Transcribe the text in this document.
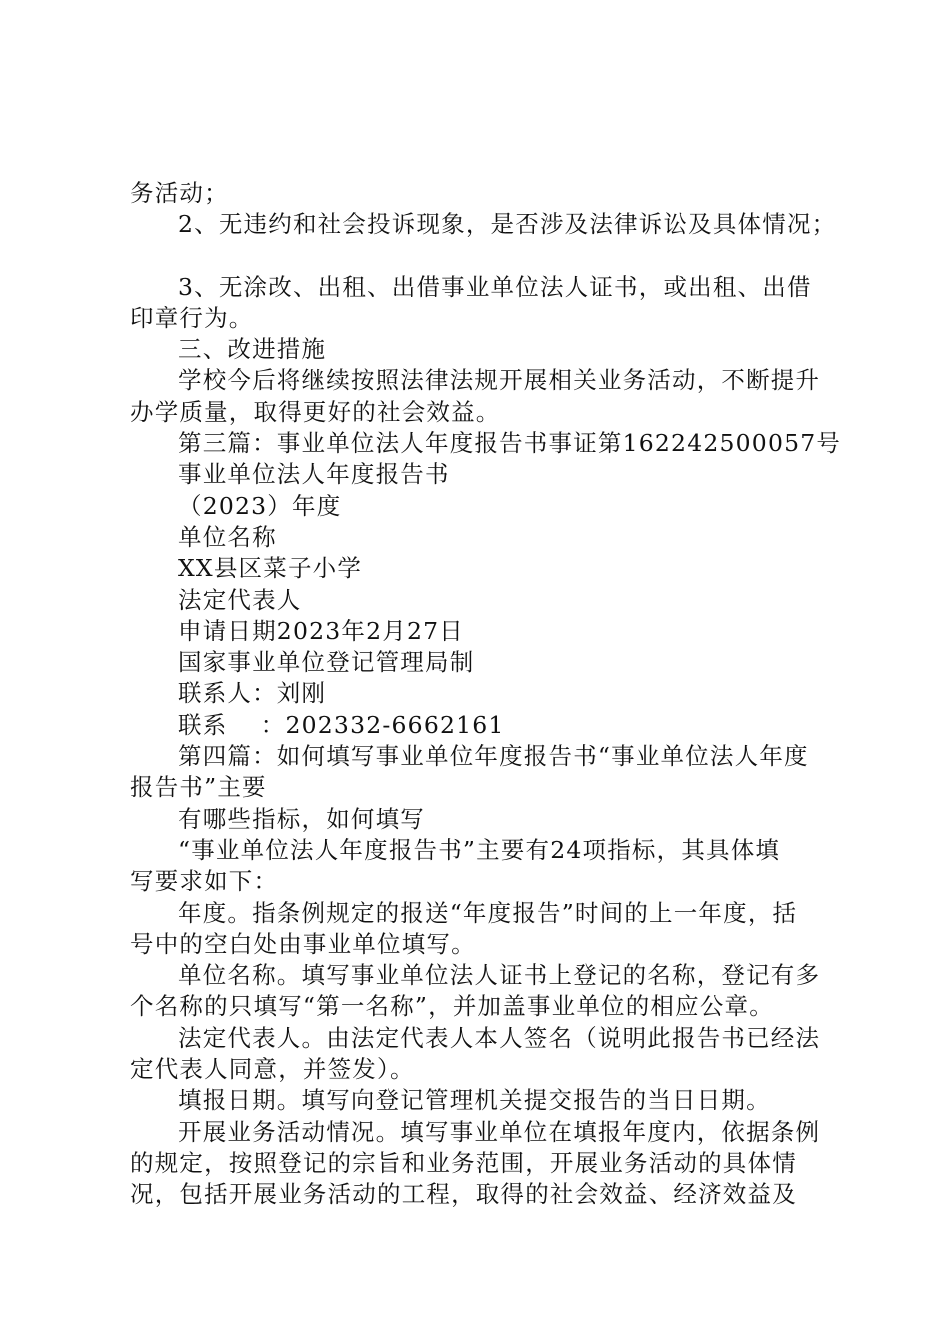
务活动；

2、无违约和社会投诉现象，是否涉及法律诉讼及具体情况；

3、无涂改、出租、出借事业单位法人证书，或出租、出借

印章行为。

三、改进措施

学校今后将继续按照法律法规开展相关业务活动，不断提升

办学质量，取得更好的社会效益。

第三篇：事业单位法人年度报告书事证第162242500057号

事业单位法人年度报告书

（2023）年度

单位名称

XX县区菜子小学

法定代表人

申请日期2023年2月27日

国家事业单位登记管理局制

联系人：刘刚

联系　 ：202332-6662161

第四篇：如何填写事业单位年度报告书“事业单位法人年度

报告书”主要

有哪些指标，如何填写

“事业单位法人年度报告书”主要有24项指标，其具体填

写要求如下：

年度。指条例规定的报送“年度报告”时间的上一年度，括

号中的空白处由事业单位填写。

单位名称。填写事业单位法人证书上登记的名称，登记有多

个名称的只填写“第一名称”，并加盖事业单位的相应公章。

法定代表人。由法定代表人本人签名（说明此报告书已经法

定代表人同意，并签发）。

填报日期。填写向登记管理机关提交报告的当日日期。

开展业务活动情况。填写事业单位在填报年度内，依据条例

的规定，按照登记的宗旨和业务范围，开展业务活动的具体情

况，包括开展业务活动的工程，取得的社会效益、经济效益及
